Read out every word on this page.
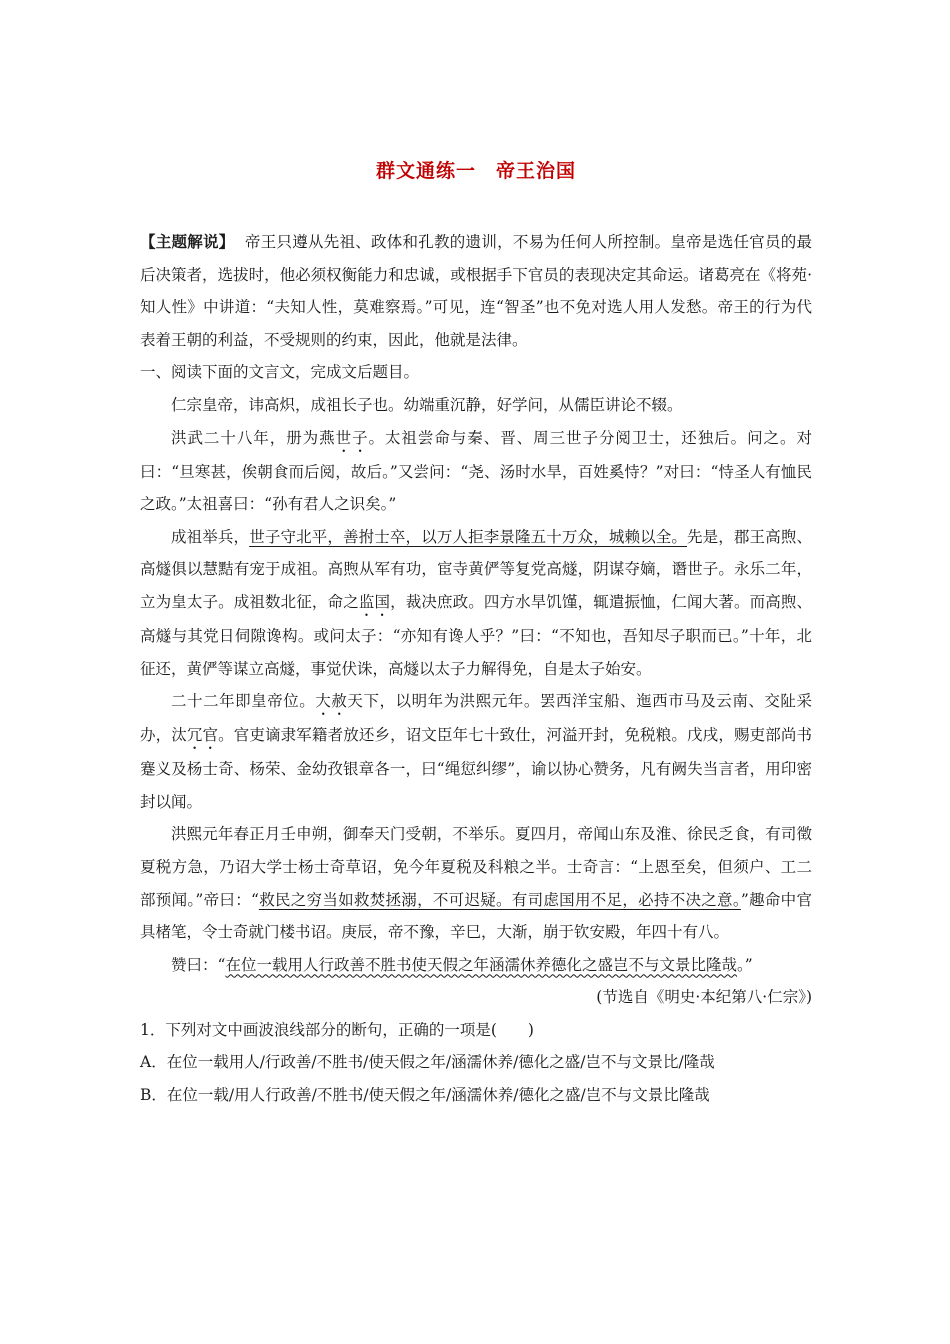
群文通练一　帝王治国

【主题解说】 帝王只遵从先祖、政体和孔教的遗训，不易为任何人所控制。皇帝是选任官员的最后决策者，选拔时，他必须权衡能力和忠诚，或根据手下官员的表现决定其命运。诸葛亮在《将苑·知人性》中讲道：“夫知人性，莫难察焉。”可见，连“智圣”也不免对选人用人发愁。帝王的行为代表着王朝的利益，不受规则的约束，因此，他就是法律。

一、阅读下面的文言文，完成文后题目。

仁宗皇帝，讳高炽，成祖长子也。幼端重沉静，好学问，从儒臣讲论不辍。

洪武二十八年，册为燕世子。太祖尝命与秦、晋、周三世子分阅卫士，还独后。问之。对曰：“旦寒甚，俟朝食而后阅，故后。”又尝问：“尧、汤时水旱，百姓奚恃？”对曰：“恃圣人有恤民之政。”太祖喜曰：“孙有君人之识矣。”

成祖举兵，世子守北平，善拊士卒，以万人拒李景隆五十万众，城赖以全。先是，郡王高煦、高燧俱以慧黠有宠于成祖。高煦从军有功，宦寺黄俨等复党高燧，阴谋夺嫡，谮世子。永乐二年，立为皇太子。成祖数北征，命之监国，裁决庶政。四方水旱饥馑，辄遣振恤，仁闻大著。而高煦、高燧与其党日伺隙谗构。或问太子：“亦知有谗人乎？”曰：“不知也，吾知尽子职而已。”十年，北征还，黄俨等谋立高燧，事觉伏诛，高燧以太子力解得免，自是太子始安。

二十二年即皇帝位。大赦天下，以明年为洪熙元年。罢西洋宝船、迤西市马及云南、交阯采办，汰冗官。官吏谪隶军籍者放还乡，诏文臣年七十致仕，河溢开封，免税粮。戊戌，赐吏部尚书蹇义及杨士奇、杨荣、金幼孜银章各一，曰“绳愆纠缪”，谕以协心赞务，凡有阙失当言者，用印密封以闻。

洪熙元年春正月壬申朔，御奉天门受朝，不举乐。夏四月，帝闻山东及淮、徐民乏食，有司徵夏税方急，乃诏大学士杨士奇草诏，免今年夏税及科粮之半。士奇言：“上恩至矣，但须户、工二部预闻。”帝曰：“救民之穷当如救焚拯溺，不可迟疑。有司虑国用不足，必持不决之意。”趣命中官具楮笔，令士奇就门楼书诏。庚辰，帝不豫，辛巳，大渐，崩于钦安殿，年四十有八。

赞曰：“在位一载用人行政善不胜书使天假之年涵濡休养德化之盛岂不与文景比隆哉。”

(节选自《明史·本纪第八·仁宗》)

1．下列对文中画波浪线部分的断句，正确的一项是(　　)

A．在位一载用人/行政善/不胜书/使天假之年/涵濡休养/德化之盛/岂不与文景比/隆哉

B．在位一载/用人行政善/不胜书/使天假之年/涵濡休养/德化之盛/岂不与文景比隆哉
